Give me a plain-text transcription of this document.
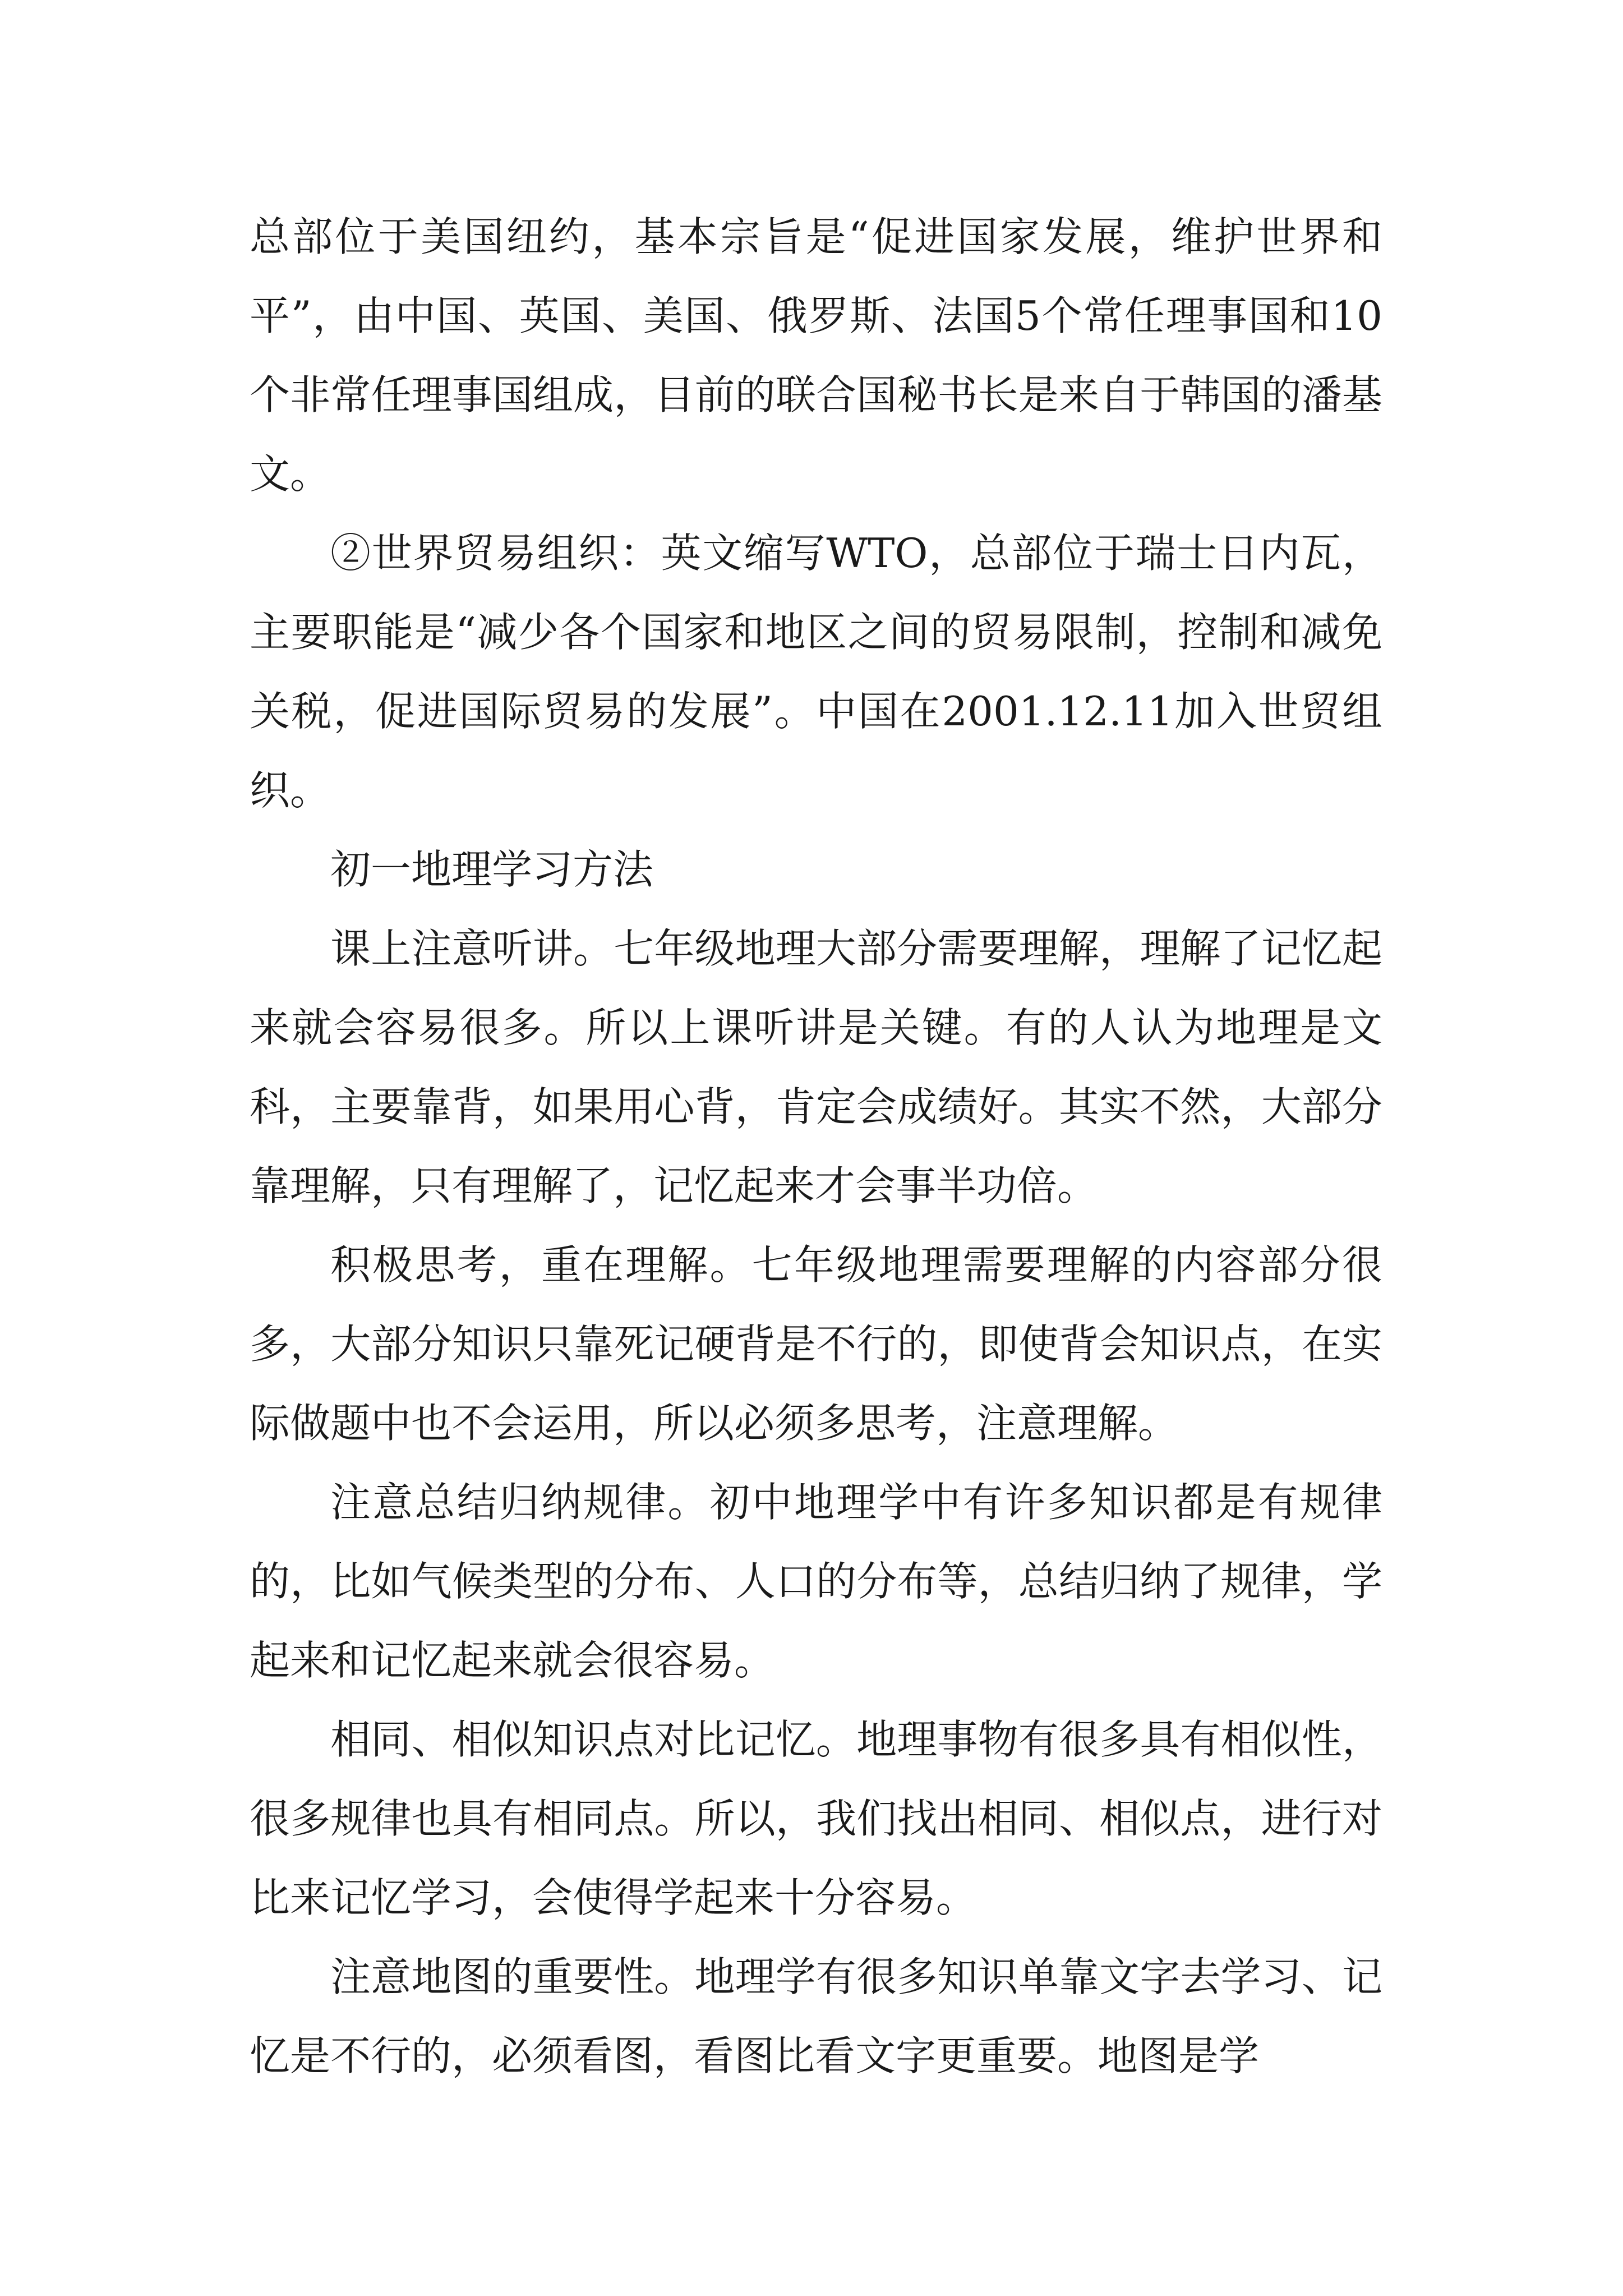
总部位于美国纽约，基本宗旨是“促进国家发展，维护世界和平”，由中国、英国、美国、俄罗斯、法国5个常任理事国和10个非常任理事国组成，目前的联合国秘书长是来自于韩国的潘基文。

②世界贸易组织：英文缩写WTO，总部位于瑞士日内瓦，主要职能是“减少各个国家和地区之间的贸易限制，控制和减免关税，促进国际贸易的发展”。中国在2001.12.11加入世贸组织。

初一地理学习方法

课上注意听讲。七年级地理大部分需要理解，理解了记忆起来就会容易很多。所以上课听讲是关键。有的人认为地理是文科，主要靠背，如果用心背，肯定会成绩好。其实不然，大部分靠理解，只有理解了，记忆起来才会事半功倍。

积极思考，重在理解。七年级地理需要理解的内容部分很多，大部分知识只靠死记硬背是不行的，即使背会知识点，在实际做题中也不会运用，所以必须多思考，注意理解。

注意总结归纳规律。初中地理学中有许多知识都是有规律的，比如气候类型的分布、人口的分布等，总结归纳了规律，学起来和记忆起来就会很容易。

相同、相似知识点对比记忆。地理事物有很多具有相似性，很多规律也具有相同点。所以，我们找出相同、相似点，进行对比来记忆学习，会使得学起来十分容易。

注意地图的重要性。地理学有很多知识单靠文字去学习、记忆是不行的，必须看图，看图比看文字更重要。地图是学
